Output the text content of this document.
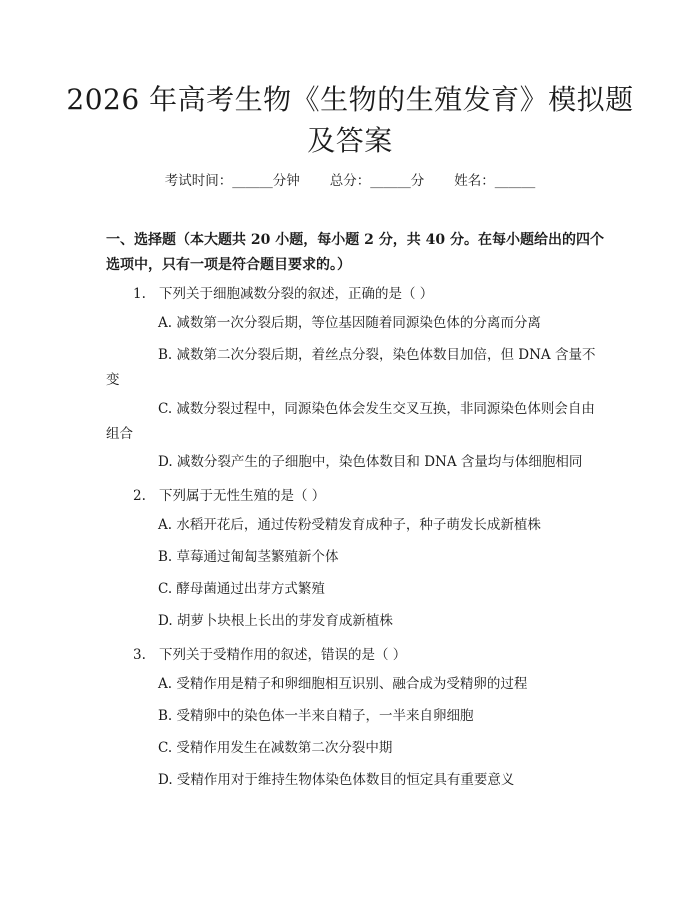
2026 年高考生物《生物的生殖发育》模拟题
及答案
考试时间：______分钟 总分：______分 姓名：______
一、选择题（本大题共 20 小题，每小题 2 分，共 40 分。在每小题给出的四个选项中，只有一项是符合题目要求的。）
1. 下列关于细胞减数分裂的叙述，正确的是（ ）
A. 减数第一次分裂后期，等位基因随着同源染色体的分离而分离
B. 减数第二次分裂后期，着丝点分裂，染色体数目加倍，但 DNA 含量不变
C. 减数分裂过程中，同源染色体会发生交叉互换，非同源染色体则会自由组合
D. 减数分裂产生的子细胞中，染色体数目和 DNA 含量均与体细胞相同
2. 下列属于无性生殖的是（ ）
A. 水稻开花后，通过传粉受精发育成种子，种子萌发长成新植株
B. 草莓通过匍匐茎繁殖新个体
C. 酵母菌通过出芽方式繁殖
D. 胡萝卜块根上长出的芽发育成新植株
3. 下列关于受精作用的叙述，错误的是（ ）
A. 受精作用是精子和卵细胞相互识别、融合成为受精卵的过程
B. 受精卵中的染色体一半来自精子，一半来自卵细胞
C. 受精作用发生在减数第二次分裂中期
D. 受精作用对于维持生物体染色体数目的恒定具有重要意义
